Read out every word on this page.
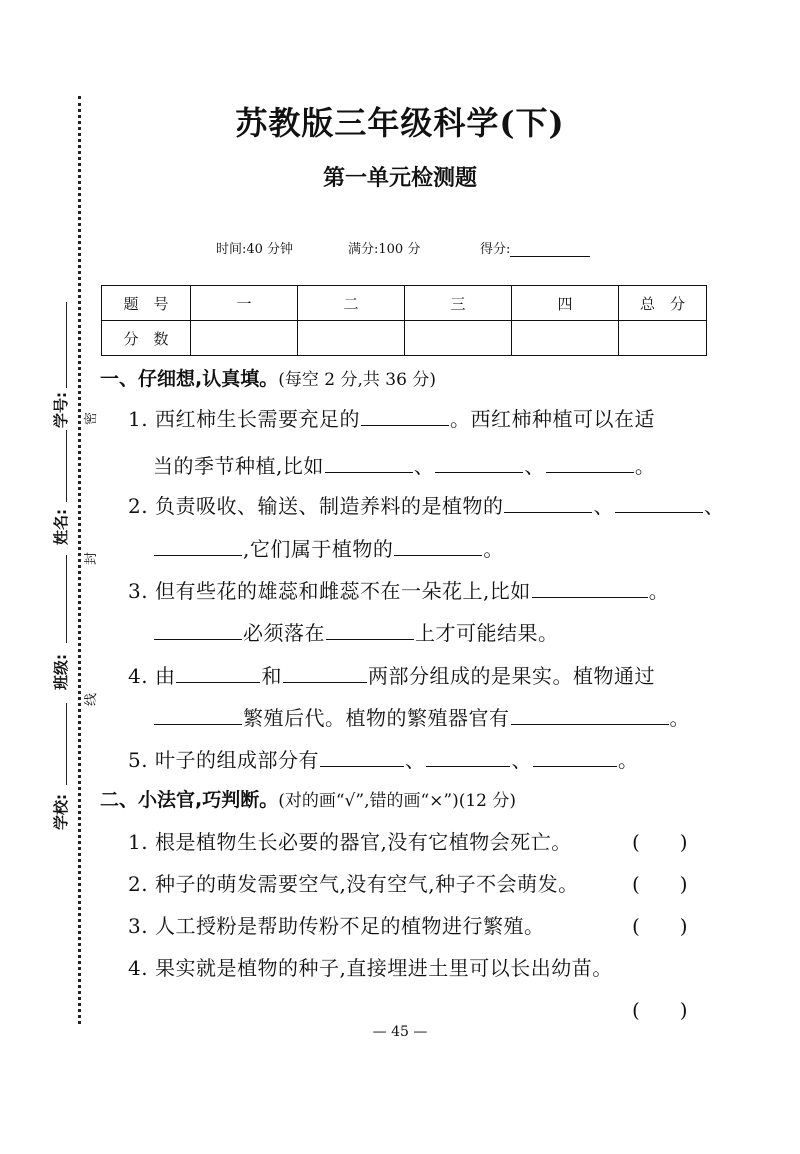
学校:
班级:
姓名:
学号:
线
封
密
苏教版三年级科学(下)
第一单元检测题
时间:40 分钟	满分:100 分	得分:
题　号	一	二	三	四	总　分
分　数					
一、仔细想,认真填。(每空 2 分,共 36 分)
1. 西红柿生长需要充足的	。西红柿种植可以在适
当的季节种植,比如	、	、	。
2. 负责吸收、输送、制造养料的是植物的	、	、
,它们属于植物的	。
3. 但有些花的雄蕊和雌蕊不在一朵花上,比如	。
必须落在	上才可能结果。
4. 由	和	两部分组成的是果实。植物通过
繁殖后代。植物的繁殖器官有	。
5. 叶子的组成部分有	、	、	。
二、小法官,巧判断。(对的画“√”,错的画“×”)(12 分)
1. 根是植物生长必要的器官,没有它植物会死亡。	(　　)
2. 种子的萌发需要空气,没有空气,种子不会萌发。	(　　)
3. 人工授粉是帮助传粉不足的植物进行繁殖。	(　　)
4. 果实就是植物的种子,直接埋进土里可以长出幼苗。
(　　)
— 45 —
